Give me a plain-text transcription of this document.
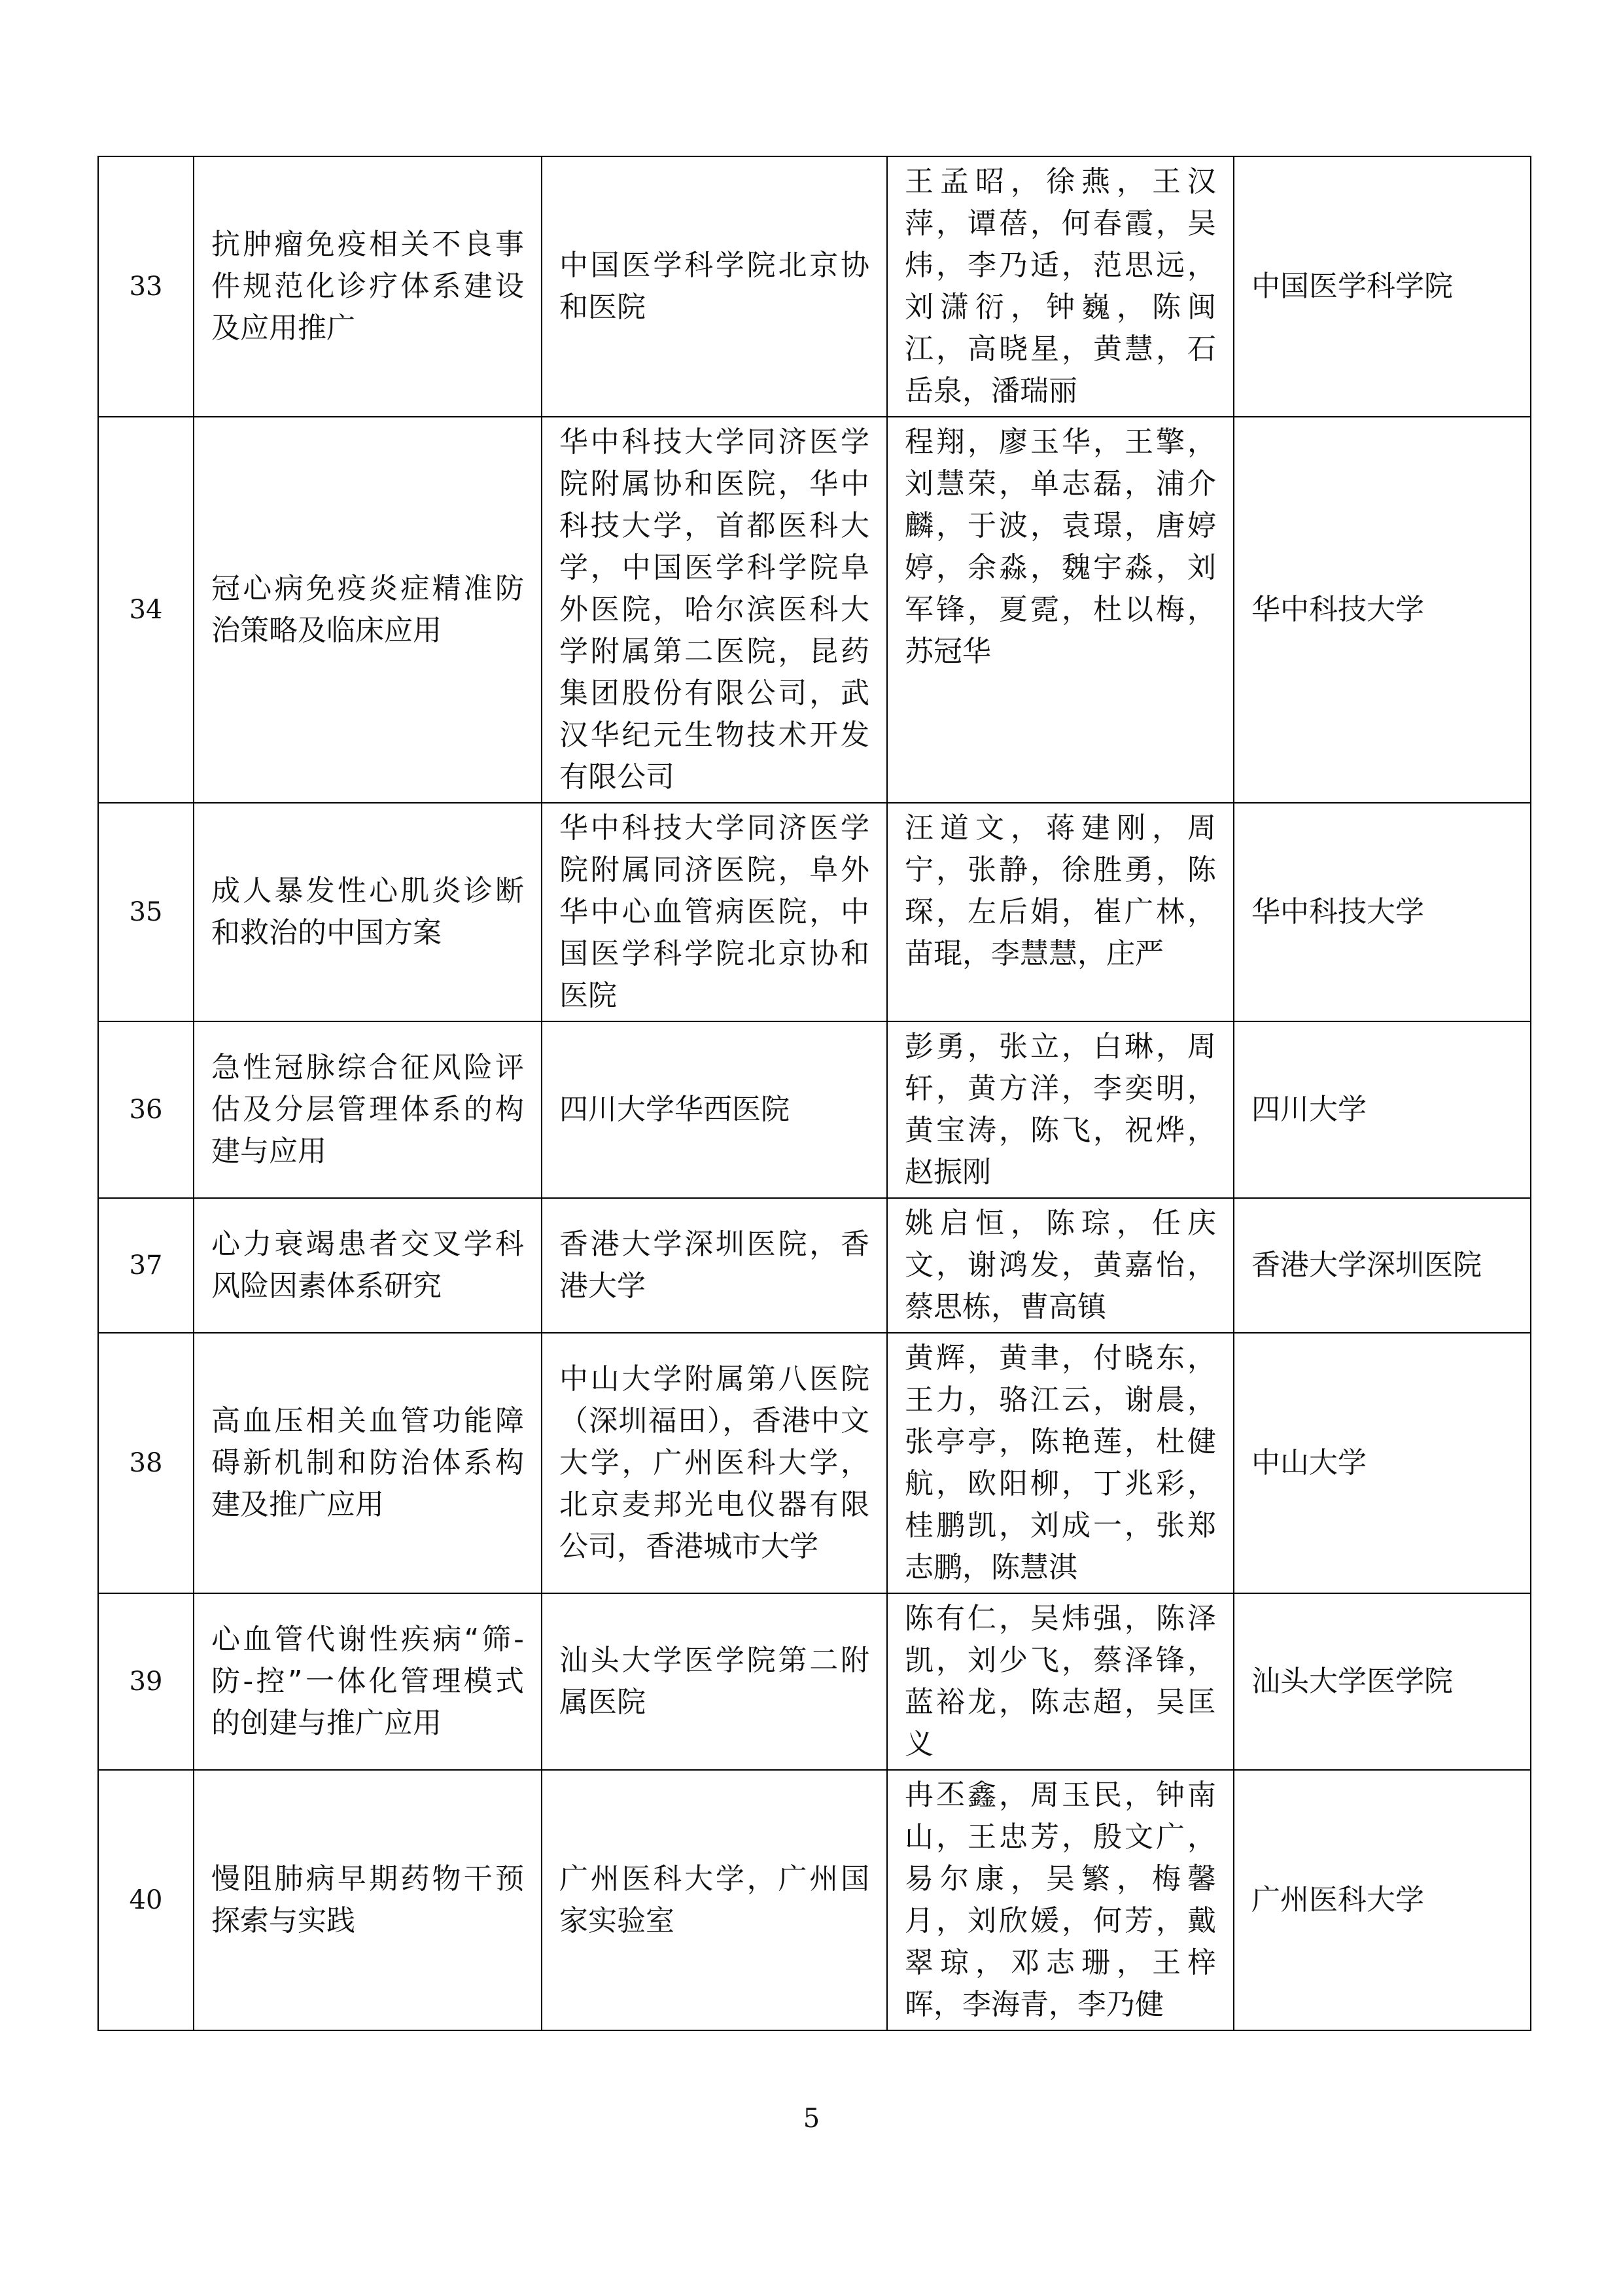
33	抗肿瘤免疫相关不良事件规范化诊疗体系建设及应用推广	中国医学科学院北京协和医院	王孟昭，徐燕，王汉萍，谭蓓，何春霞，吴炜，李乃适，范思远，刘潇衍，钟巍，陈闽江，高晓星，黄慧，石岳泉，潘瑞丽	中国医学科学院
34	冠心病免疫炎症精准防治策略及临床应用	华中科技大学同济医学院附属协和医院，华中科技大学，首都医科大学，中国医学科学院阜外医院，哈尔滨医科大学附属第二医院，昆药集团股份有限公司，武汉华纪元生物技术开发有限公司	程翔，廖玉华，王擎，刘慧荣，单志磊，浦介麟，于波，袁璟，唐婷婷，余淼，魏宇淼，刘军锋，夏霓，杜以梅，苏冠华	华中科技大学
35	成人暴发性心肌炎诊断和救治的中国方案	华中科技大学同济医学院附属同济医院，阜外华中心血管病医院，中国医学科学院北京协和医院	汪道文，蒋建刚，周宁，张静，徐胜勇，陈琛，左后娟，崔广林，苗琨，李慧慧，庄严	华中科技大学
36	急性冠脉综合征风险评估及分层管理体系的构建与应用	四川大学华西医院	彭勇，张立，白琳，周轩，黄方洋，李奕明，黄宝涛，陈飞，祝烨，赵振刚	四川大学
37	心力衰竭患者交叉学科风险因素体系研究	香港大学深圳医院，香港大学	姚启恒，陈琮，任庆文，谢鸿发，黄嘉怡，蔡思栋，曹高镇	香港大学深圳医院
38	高血压相关血管功能障碍新机制和防治体系构建及推广应用	中山大学附属第八医院（深圳福田），香港中文大学，广州医科大学，北京麦邦光电仪器有限公司，香港城市大学	黄辉，黄聿，付晓东，王力，骆江云，谢晨，张亭亭，陈艳莲，杜健航，欧阳柳，丁兆彩，桂鹏凯，刘成一，张郑志鹏，陈慧淇	中山大学
39	心血管代谢性疾病“筛-防-控”一体化管理模式的创建与推广应用	汕头大学医学院第二附属医院	陈有仁，吴炜强，陈泽凯，刘少飞，蔡泽锋，蓝裕龙，陈志超，吴匡义	汕头大学医学院
40	慢阻肺病早期药物干预探索与实践	广州医科大学，广州国家实验室	冉丕鑫，周玉民，钟南山，王忠芳，殷文广，易尔康，吴繁，梅馨月，刘欣媛，何芳，戴翠琼，邓志珊，王梓晖，李海青，李乃健	广州医科大学
5
